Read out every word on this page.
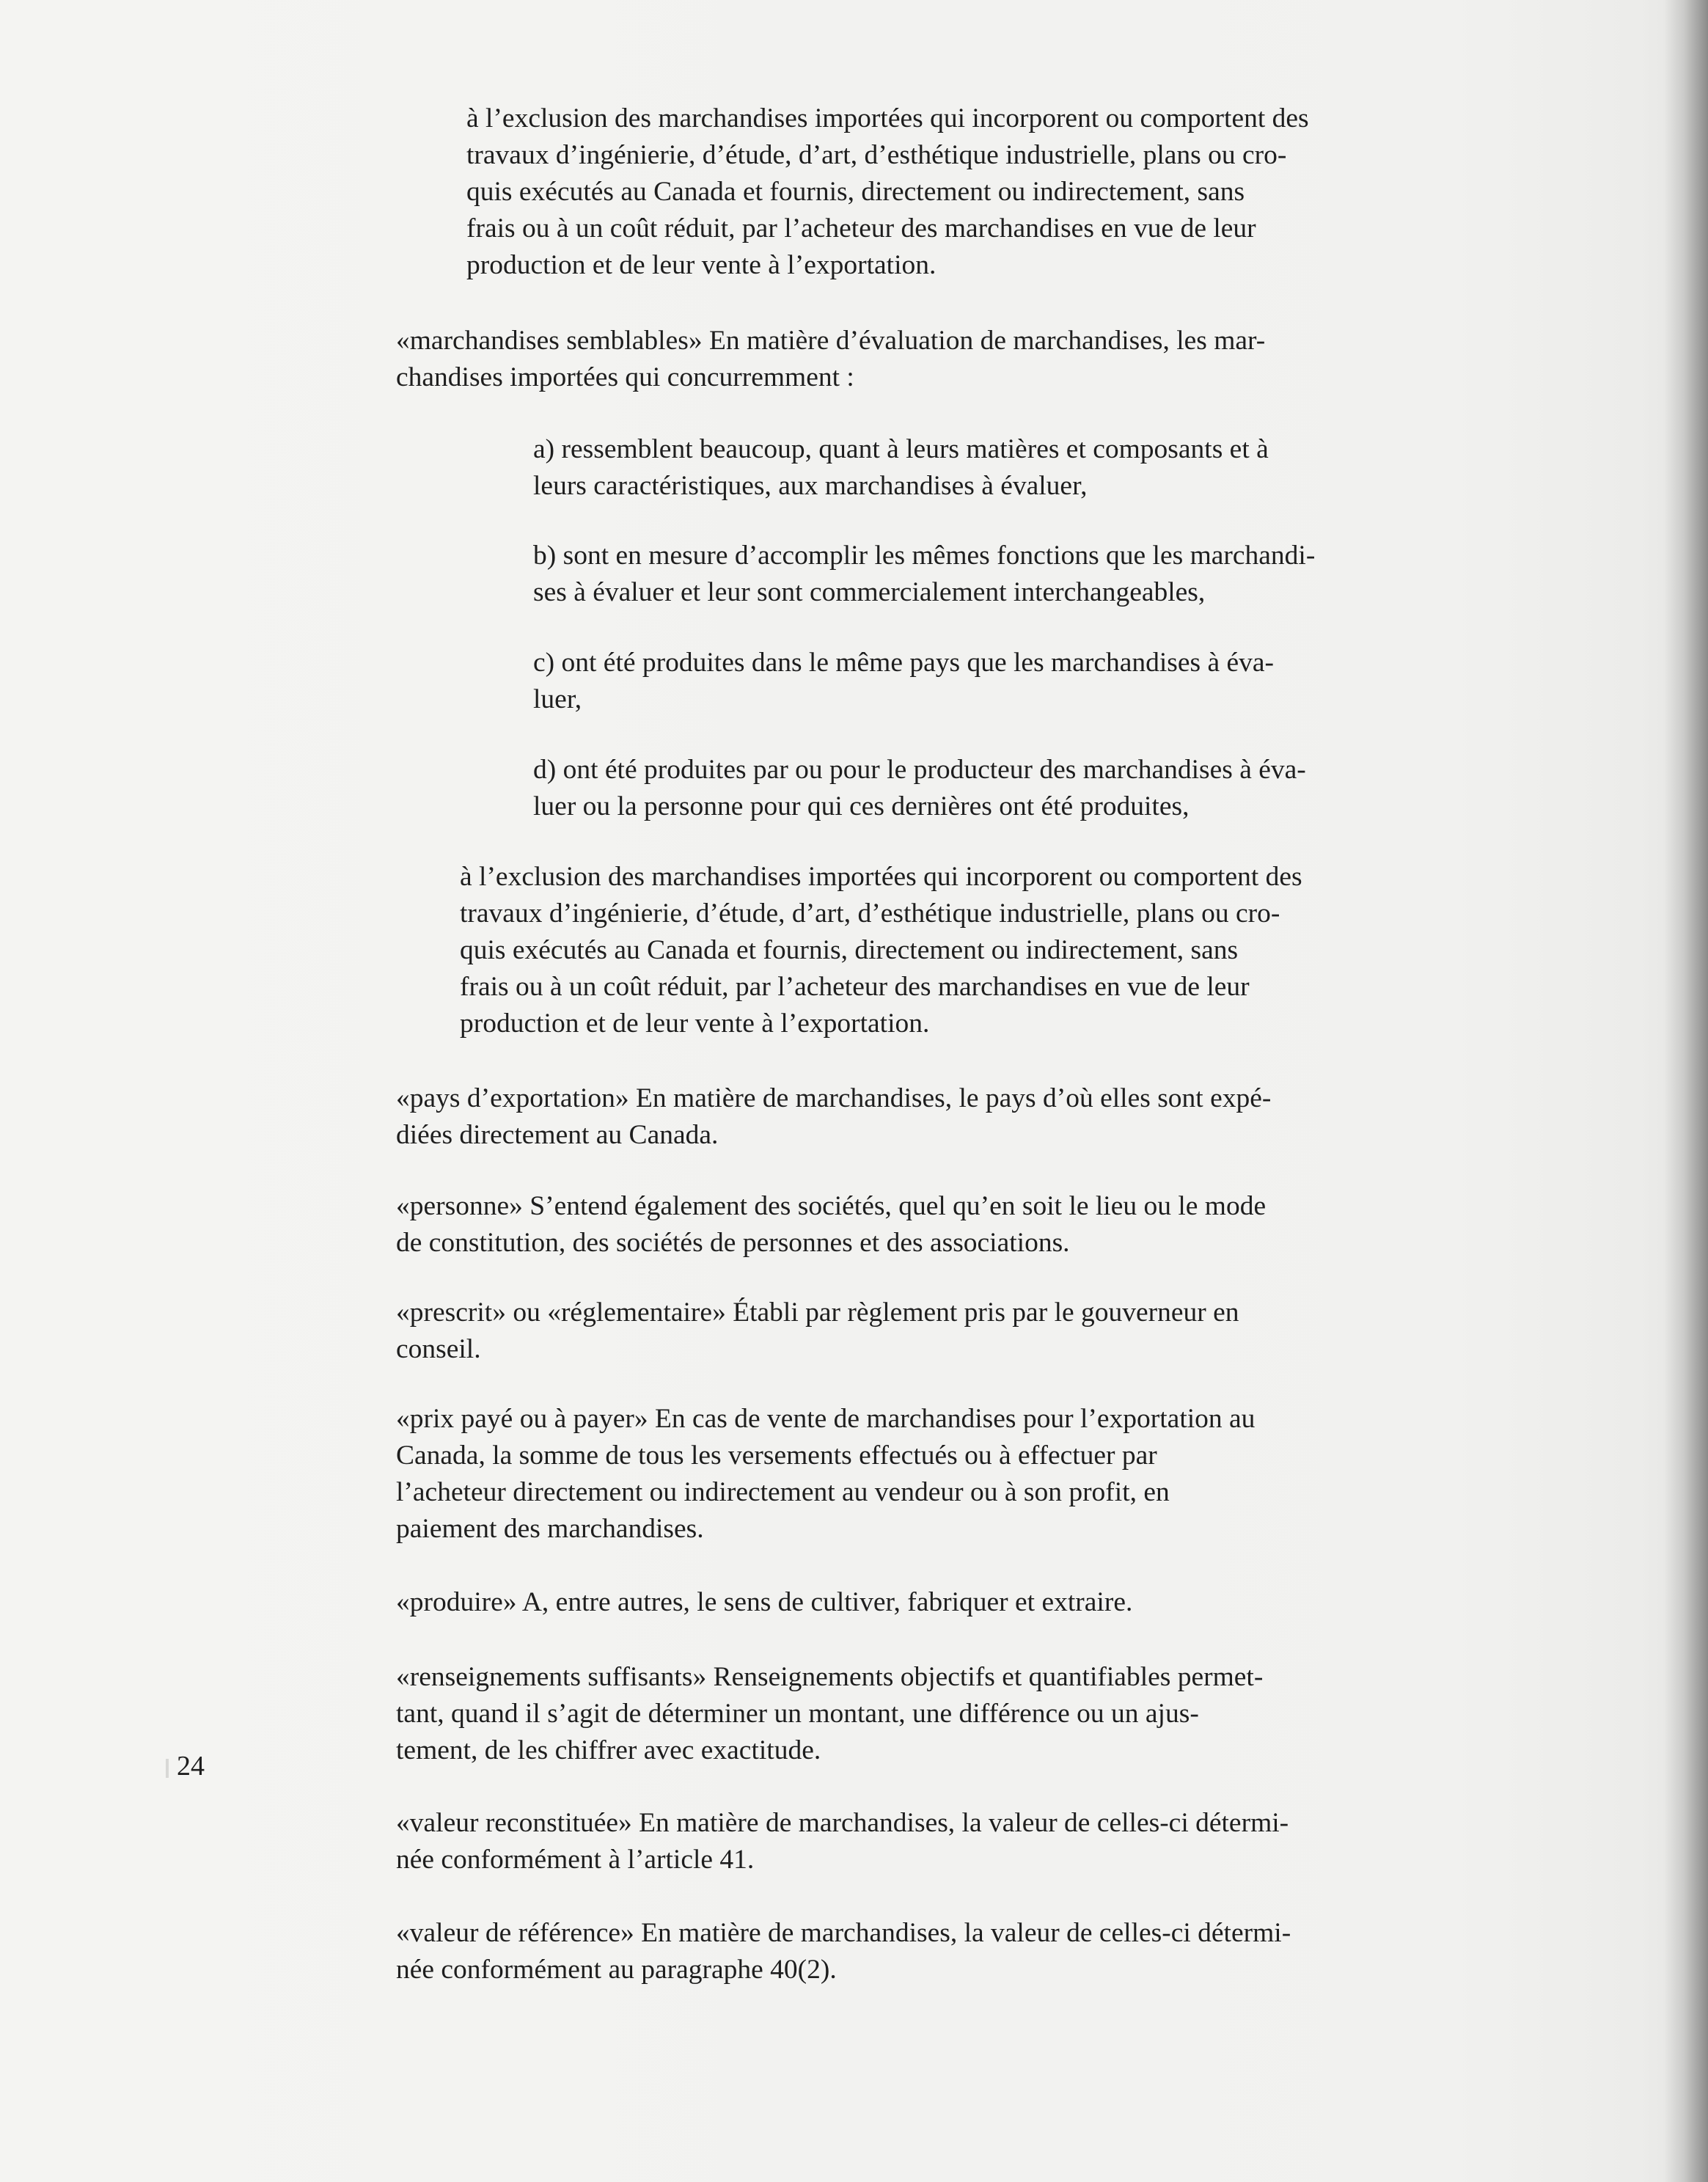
à l’exclusion des marchandises importées qui incorporent ou comportent des
travaux d’ingénierie, d’étude, d’art, d’esthétique industrielle, plans ou cro-
quis exécutés au Canada et fournis, directement ou indirectement, sans
frais ou à un coût réduit, par l’acheteur des marchandises en vue de leur
production et de leur vente à l’exportation.

«marchandises semblables» En matière d’évaluation de marchandises, les mar-
chandises importées qui concurremment :

a) ressemblent beaucoup, quant à leurs matières et composants et à
leurs caractéristiques, aux marchandises à évaluer,

b) sont en mesure d’accomplir les mêmes fonctions que les marchandi-
ses à évaluer et leur sont commercialement interchangeables,

c) ont été produites dans le même pays que les marchandises à éva-
luer,

d) ont été produites par ou pour le producteur des marchandises à éva-
luer ou la personne pour qui ces dernières ont été produites,

à l’exclusion des marchandises importées qui incorporent ou comportent des
travaux d’ingénierie, d’étude, d’art, d’esthétique industrielle, plans ou cro-
quis exécutés au Canada et fournis, directement ou indirectement, sans
frais ou à un coût réduit, par l’acheteur des marchandises en vue de leur
production et de leur vente à l’exportation.

«pays d’exportation» En matière de marchandises, le pays d’où elles sont expé-
diées directement au Canada.

«personne» S’entend également des sociétés, quel qu’en soit le lieu ou le mode
de constitution, des sociétés de personnes et des associations.

«prescrit» ou «réglementaire» Établi par règlement pris par le gouverneur en
conseil.

«prix payé ou à payer» En cas de vente de marchandises pour l’exportation au
Canada, la somme de tous les versements effectués ou à effectuer par
l’acheteur directement ou indirectement au vendeur ou à son profit, en
paiement des marchandises.

«produire» A, entre autres, le sens de cultiver, fabriquer et extraire.

«renseignements suffisants» Renseignements objectifs et quantifiables permet-
tant, quand il s’agit de déterminer un montant, une différence ou un ajus-
tement, de les chiffrer avec exactitude.

«valeur reconstituée» En matière de marchandises, la valeur de celles-ci détermi-
née conformément à l’article 41.

«valeur de référence» En matière de marchandises, la valeur de celles-ci détermi-
née conformément au paragraphe 40(2).

24
